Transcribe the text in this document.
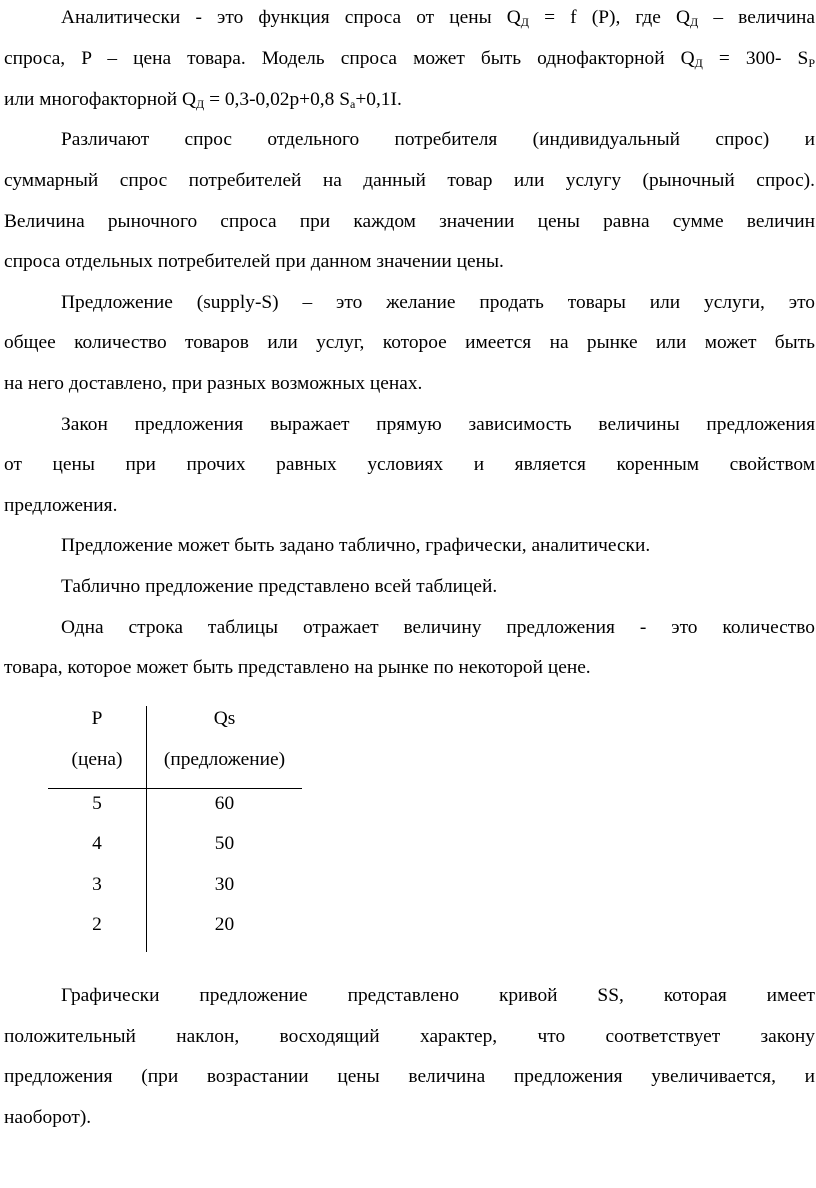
Аналитически - это функция спроса от цены $Q_Д = f$ (P), где $Q_Д$ – величина
спроса, P – цена товара. Модель спроса может быть однофакторной $Q_Д = 300-$ $S_P$
или многофакторной $Q_Д = 0,3-0,02p+0,8$ $S_a+0,1I$.
Различают спрос отдельного потребителя (индивидуальный спрос) и
суммарный спрос потребителей на данный товар или услугу (рыночный спрос).
Величина рыночного спроса при каждом значении цены равна сумме величин
спроса отдельных потребителей при данном значении цены.
Предложение (supply-S) – это желание продать товары или услуги, это
общее количество товаров или услуг, которое имеется на рынке или может быть
на него доставлено, при разных возможных ценах.
Закон предложения выражает прямую зависимость величины предложения
от цены при прочих равных условиях и является коренным свойством
предложения.
Предложение может быть задано таблично, графически, аналитически.
Таблично предложение представлено всей таблицей.
Одна строка таблицы отражает величину предложения - это количество
товара, которое может быть представлено на рынке по некоторой цене.
P	Qs
(цена)	(предложение)
5	60
4	50
3	30
2	20
Графически предложение представлено кривой SS, которая имеет
положительный наклон, восходящий характер, что соответствует закону
предложения (при возрастании цены величина предложения увеличивается, и
наоборот).
